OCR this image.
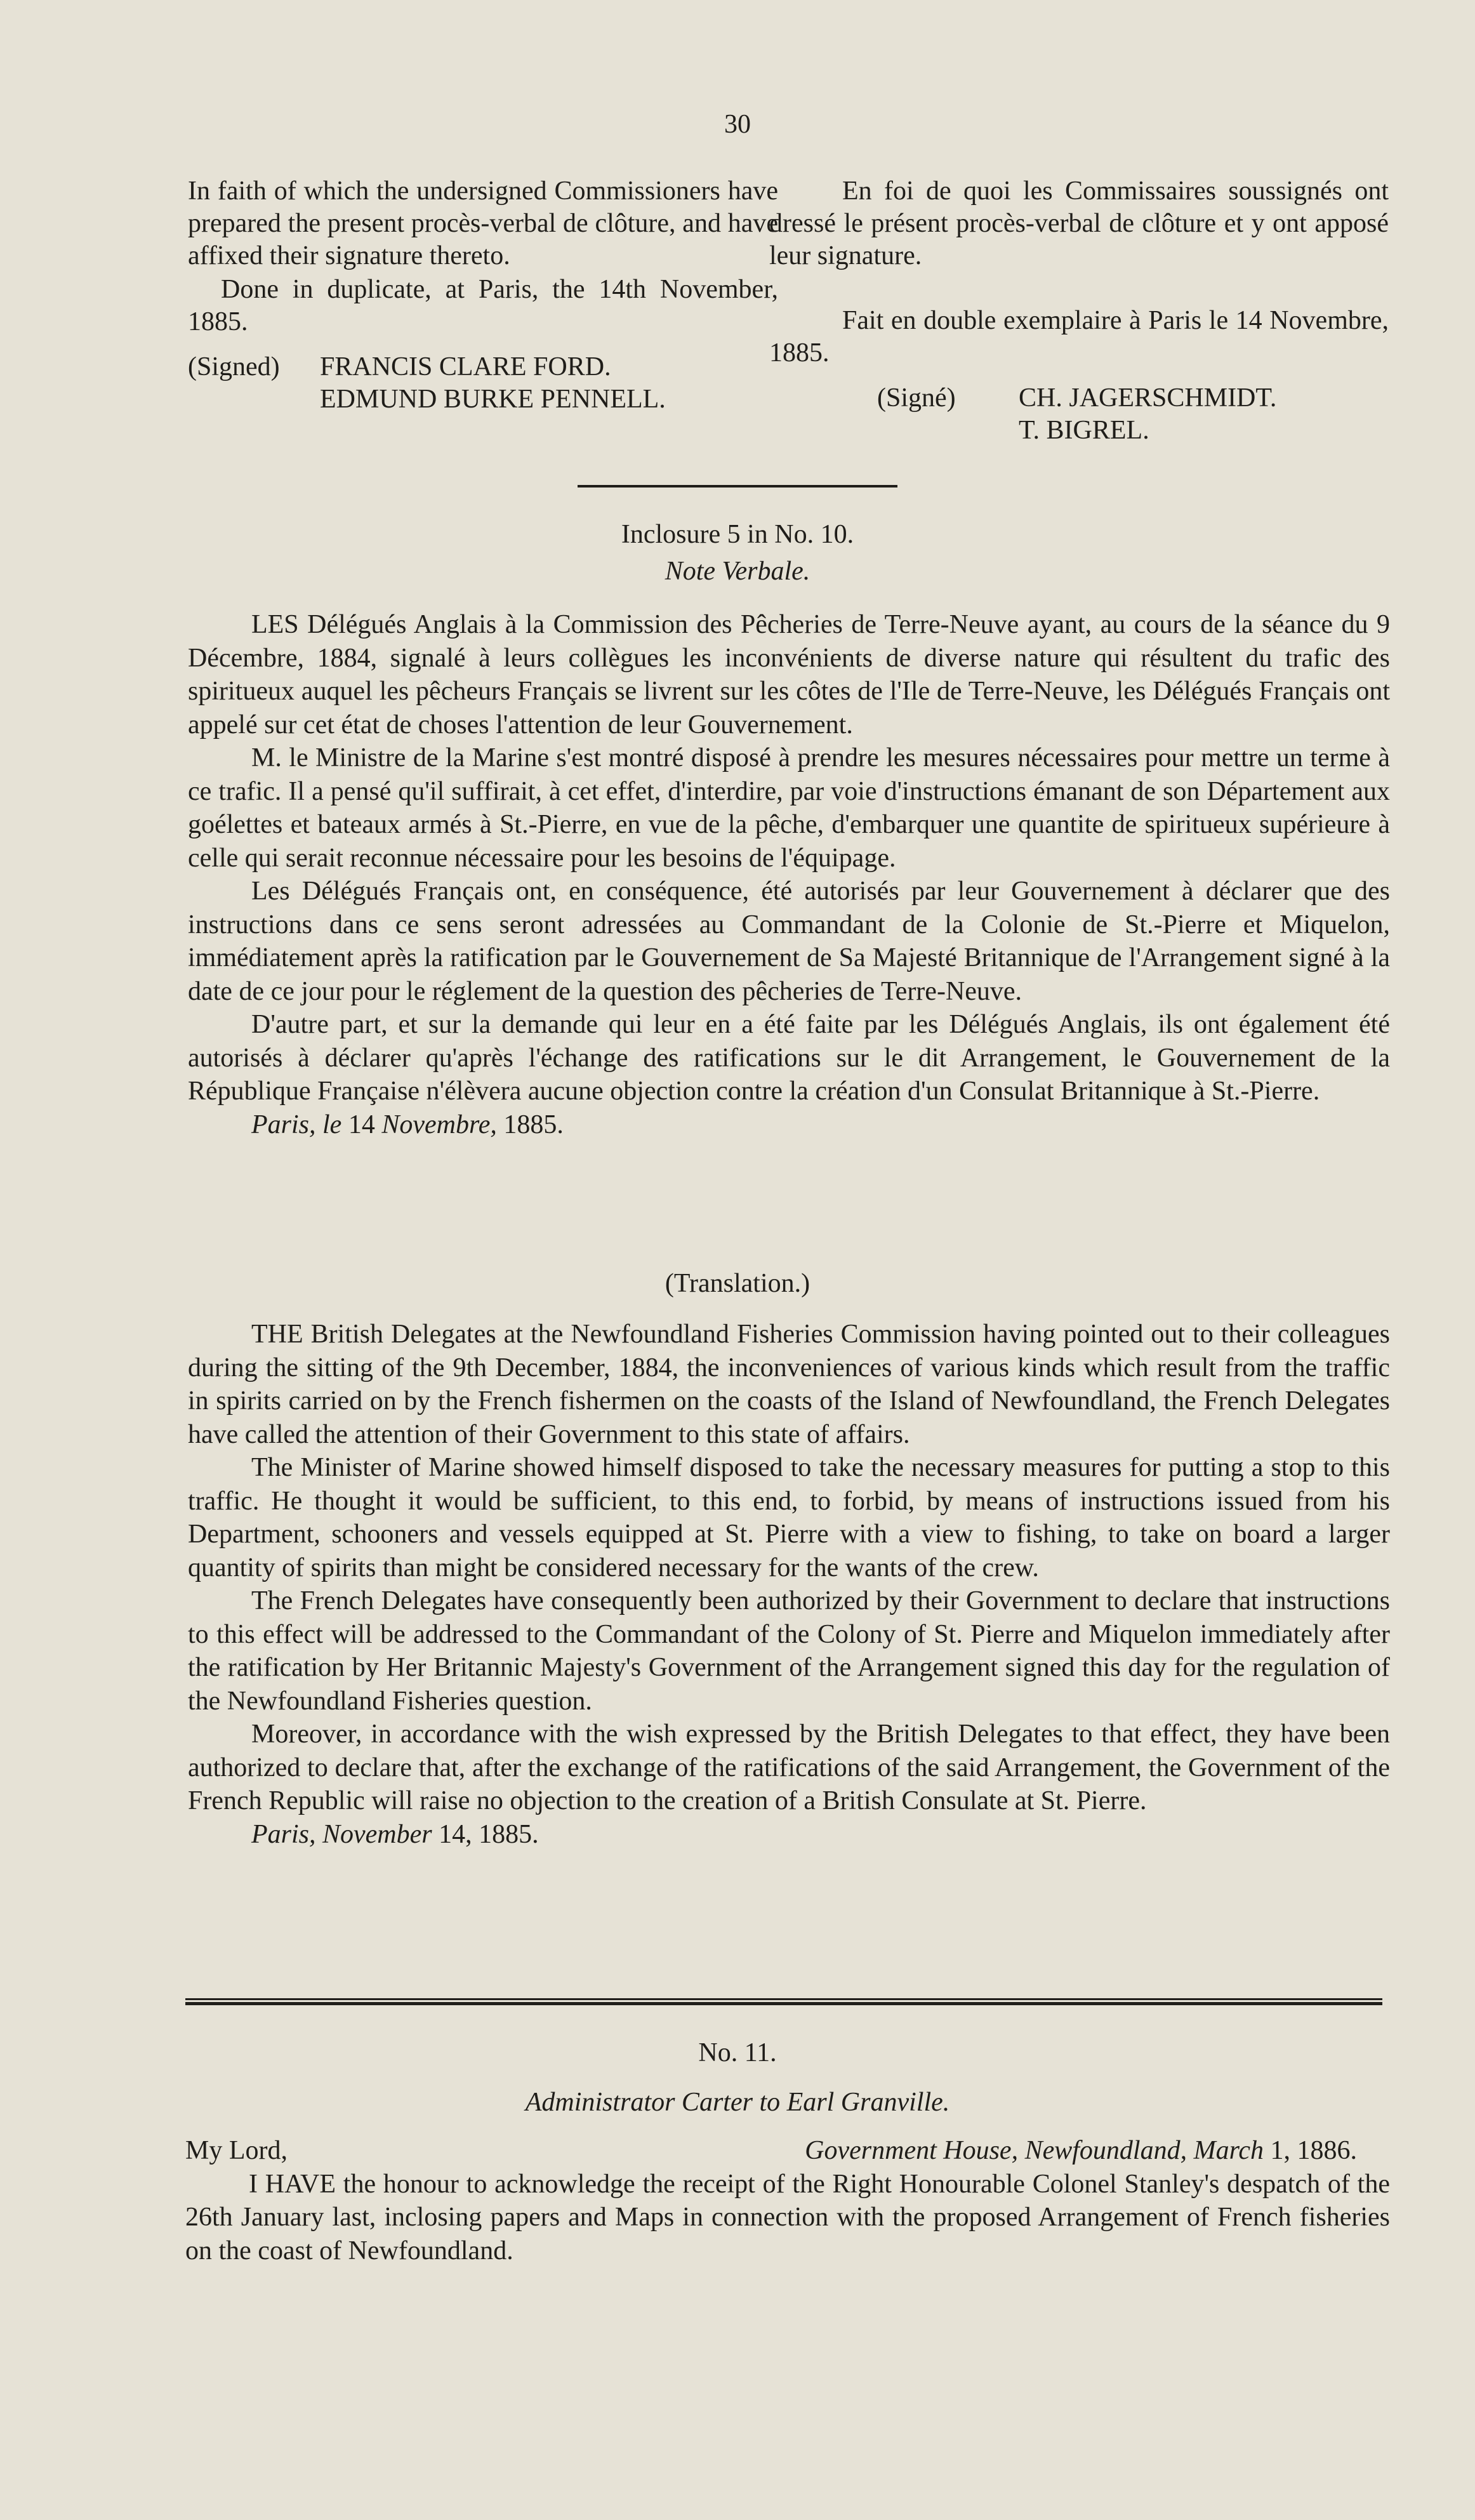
30

In faith of which the undersigned Commissioners have prepared the present procès-verbal de clôture, and have affixed their signature thereto.

Done in duplicate, at Paris, the 14th November, 1885.

(Signed)	FRANCIS CLARE FORD.
EDMUND BURKE PENNELL.

En foi de quoi les Commissaires soussignés ont dressé le présent procès-verbal de clôture et y ont apposé leur signature.

Fait en double exemplaire à Paris le 14 Novembre, 1885.

(Signé)	CH. JAGERSCHMIDT.
T. BIGREL.
Inclosure 5 in No. 10.
Note Verbale.

LES Délégués Anglais à la Commission des Pêcheries de Terre-Neuve ayant, au cours de la séance du 9 Décembre, 1884, signalé à leurs collègues les inconvénients de diverse nature qui résultent du trafic des spiritueux auquel les pêcheurs Français se livrent sur les côtes de l'Ile de Terre-Neuve, les Délégués Français ont appelé sur cet état de choses l'attention de leur Gouvernement.

M. le Ministre de la Marine s'est montré disposé à prendre les mesures nécessaires pour mettre un terme à ce trafic. Il a pensé qu'il suffirait, à cet effet, d'interdire, par voie d'instructions émanant de son Département aux goélettes et bateaux armés à St.-Pierre, en vue de la pêche, d'embarquer une quantite de spiritueux supérieure à celle qui serait reconnue nécessaire pour les besoins de l'équipage.

Les Délégués Français ont, en conséquence, été autorisés par leur Gouvernement à déclarer que des instructions dans ce sens seront adressées au Commandant de la Colonie de St.-Pierre et Miquelon, immédiatement après la ratification par le Gouvernement de Sa Majesté Britannique de l'Arrangement signé à la date de ce jour pour le réglement de la question des pêcheries de Terre-Neuve.

D'autre part, et sur la demande qui leur en a été faite par les Délégués Anglais, ils ont également été autorisés à déclarer qu'après l'échange des ratifications sur le dit Arrangement, le Gouvernement de la République Française n'élèvera aucune objection contre la création d'un Consulat Britannique à St.-Pierre.

Paris, le 14 Novembre, 1885.
(Translation.)

THE British Delegates at the Newfoundland Fisheries Commission having pointed out to their colleagues during the sitting of the 9th December, 1884, the inconveniences of various kinds which result from the traffic in spirits carried on by the French fishermen on the coasts of the Island of Newfoundland, the French Delegates have called the attention of their Government to this state of affairs.

The Minister of Marine showed himself disposed to take the necessary measures for putting a stop to this traffic. He thought it would be sufficient, to this end, to forbid, by means of instructions issued from his Department, schooners and vessels equipped at St. Pierre with a view to fishing, to take on board a larger quantity of spirits than might be considered necessary for the wants of the crew.

The French Delegates have consequently been authorized by their Government to declare that instructions to this effect will be addressed to the Commandant of the Colony of St. Pierre and Miquelon immediately after the ratification by Her Britannic Majesty's Government of the Arrangement signed this day for the regulation of the Newfoundland Fisheries question.

Moreover, in accordance with the wish expressed by the British Delegates to that effect, they have been authorized to declare that, after the exchange of the ratifications of the said Arrangement, the Government of the French Republic will raise no objection to the creation of a British Consulate at St. Pierre.

Paris, November 14, 1885.
No. 11.
Administrator Carter to Earl Granville.
My Lord,	Government House, Newfoundland, March 1, 1886.

I HAVE the honour to acknowledge the receipt of the Right Honourable Colonel Stanley's despatch of the 26th January last, inclosing papers and Maps in connection with the proposed Arrangement of French fisheries on the coast of Newfoundland.
